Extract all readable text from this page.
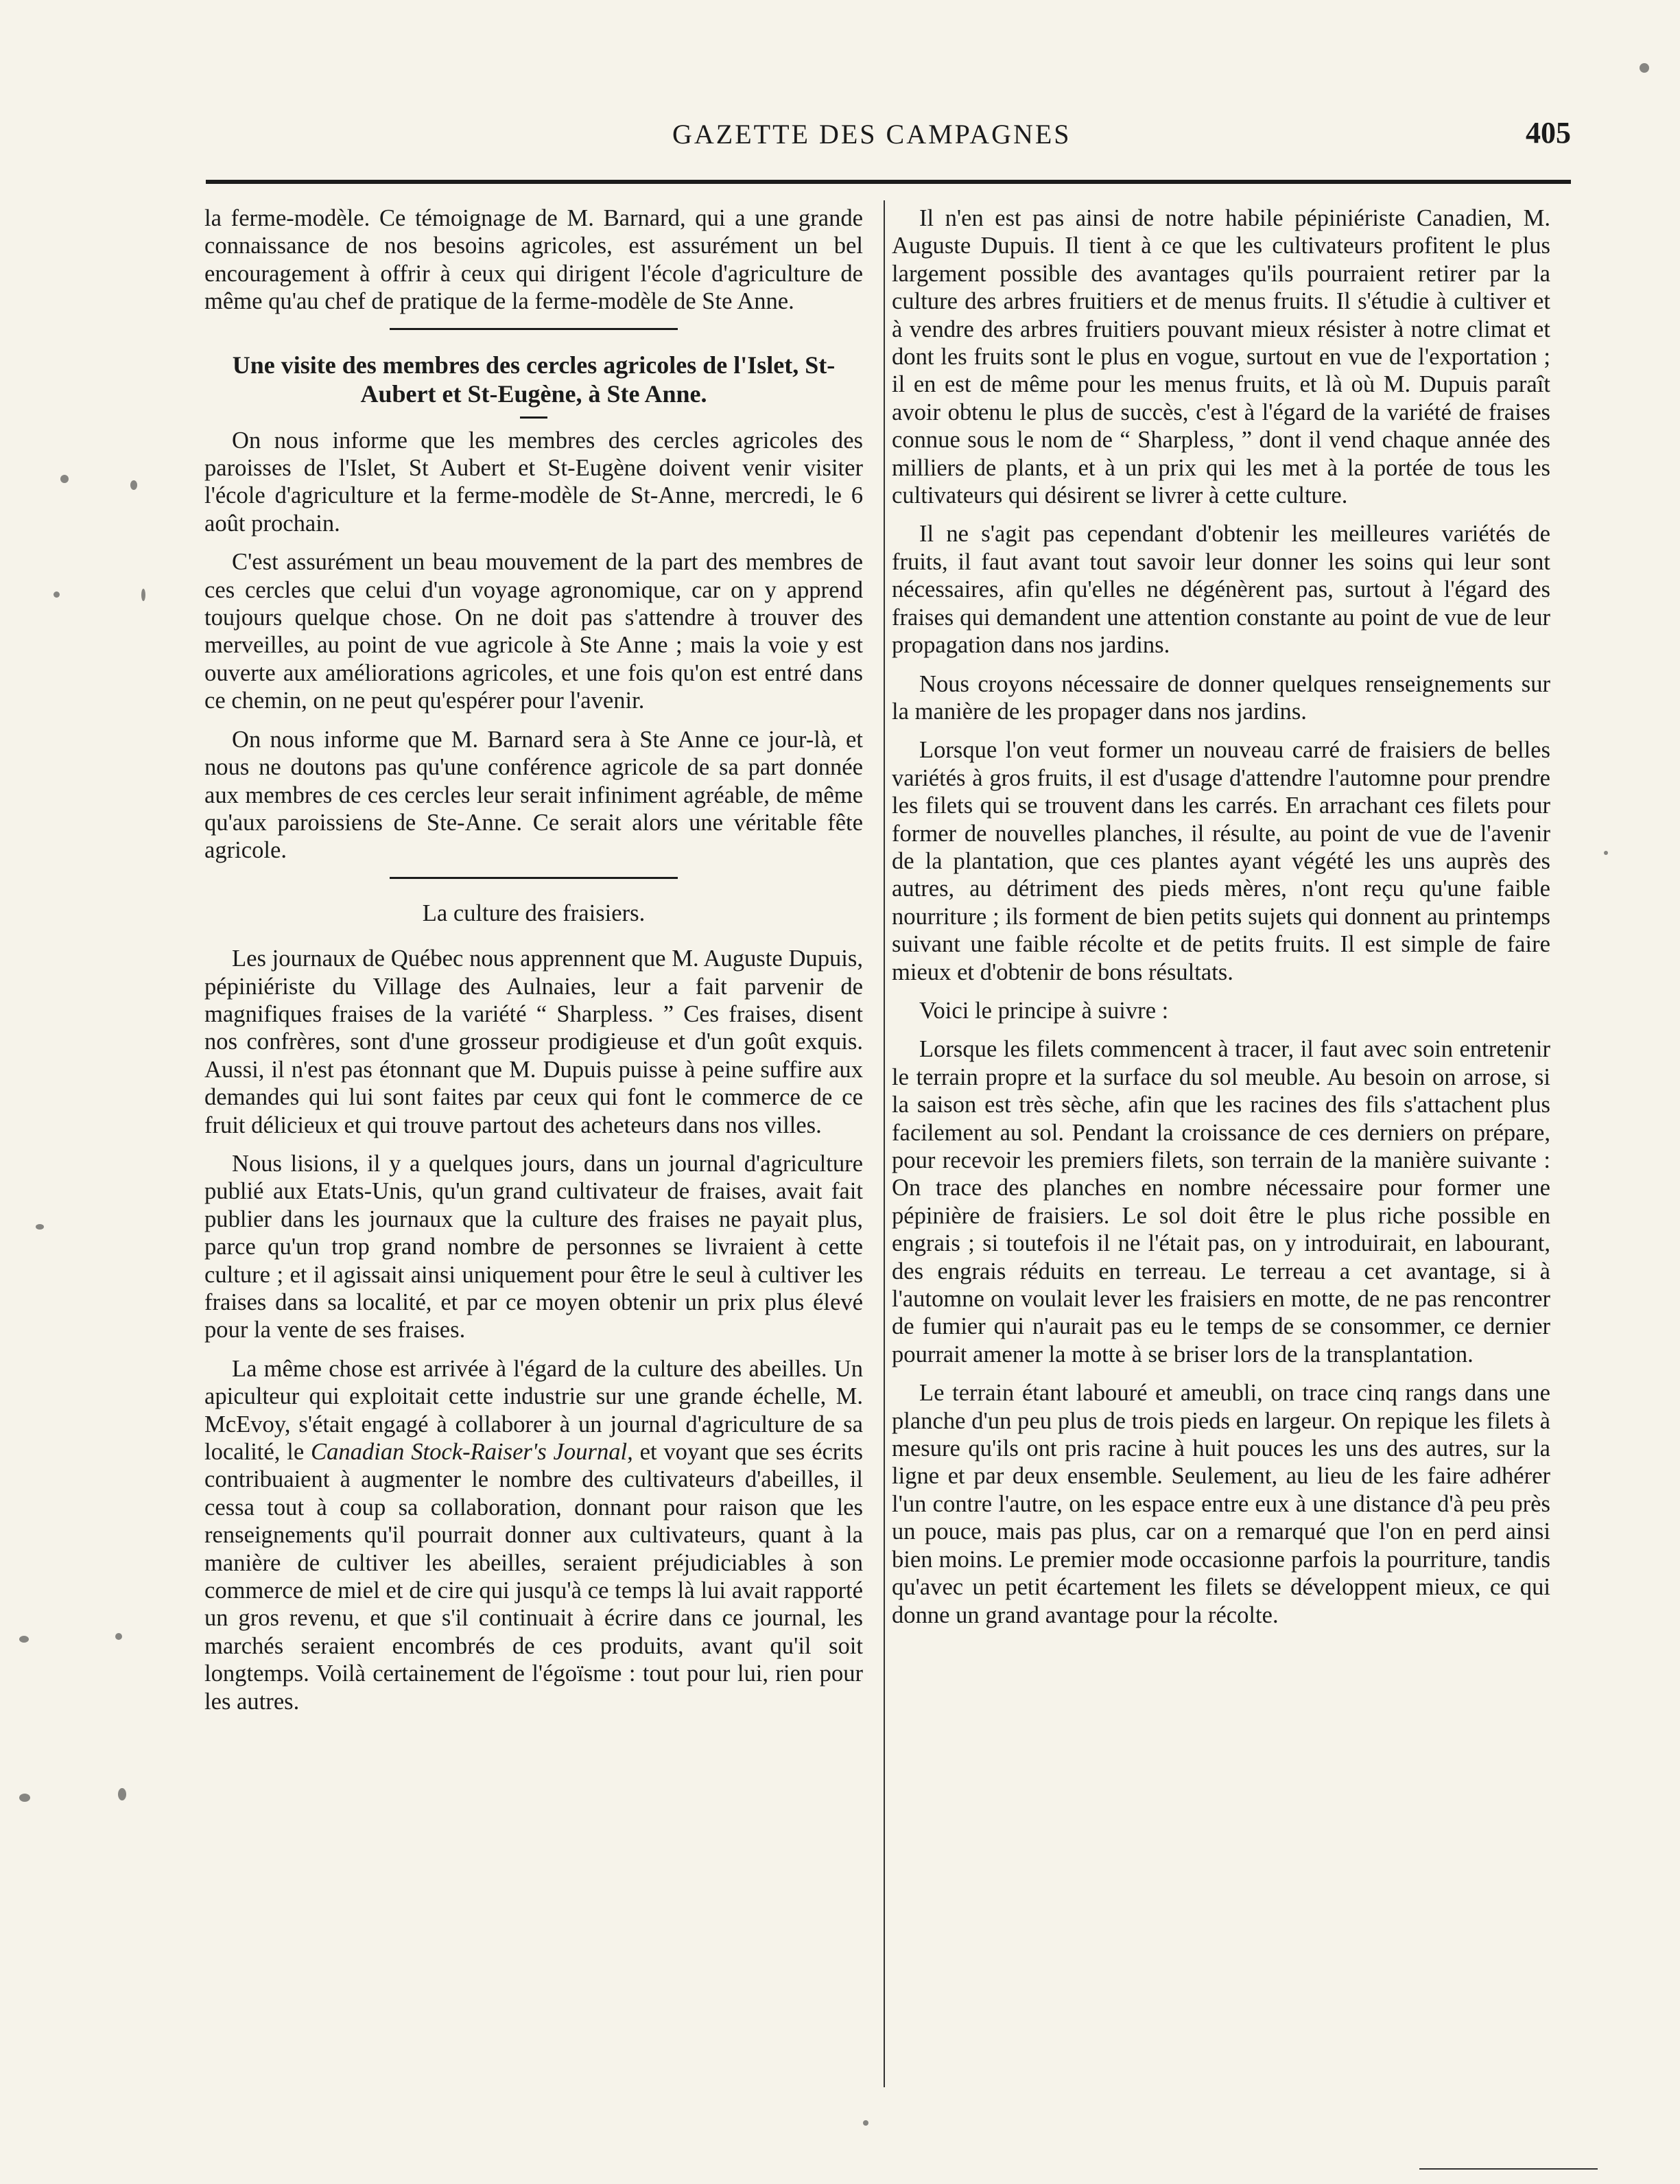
GAZETTE DES CAMPAGNES	405

la ferme-modèle. Ce témoignage de M. Barnard, qui a une grande connaissance de nos besoins agricoles, est assurément un bel encouragement à offrir à ceux qui dirigent l'école d'agriculture de même qu'au chef de pratique de la ferme-modèle de Ste Anne.

Une visite des membres des cercles agricoles de l'Islet, St-Aubert et St-Eugène, à Ste Anne.

On nous informe que les membres des cercles agricoles des paroisses de l'Islet, St Aubert et St-Eugène doivent venir visiter l'école d'agriculture et la ferme-modèle de St-Anne, mercredi, le 6 août prochain.

C'est assurément un beau mouvement de la part des membres de ces cercles que celui d'un voyage agronomique, car on y apprend toujours quelque chose. On ne doit pas s'attendre à trouver des merveilles, au point de vue agricole à Ste Anne ; mais la voie y est ouverte aux améliorations agricoles, et une fois qu'on est entré dans ce chemin, on ne peut qu'espérer pour l'avenir.

On nous informe que M. Barnard sera à Ste Anne ce jour-là, et nous ne doutons pas qu'une conférence agricole de sa part donnée aux membres de ces cercles leur serait infiniment agréable, de même qu'aux paroissiens de Ste-Anne. Ce serait alors une véritable fête agricole.

La culture des fraisiers.

Les journaux de Québec nous apprennent que M. Auguste Dupuis, pépiniériste du Village des Aulnaies, leur a fait parvenir de magnifiques fraises de la variété “ Sharpless. ” Ces fraises, disent nos confrères, sont d'une grosseur prodigieuse et d'un goût exquis. Aussi, il n'est pas étonnant que M. Dupuis puisse à peine suffire aux demandes qui lui sont faites par ceux qui font le commerce de ce fruit délicieux et qui trouve partout des acheteurs dans nos villes.

Nous lisions, il y a quelques jours, dans un journal d'agriculture publié aux Etats-Unis, qu'un grand cultivateur de fraises, avait fait publier dans les journaux que la culture des fraises ne payait plus, parce qu'un trop grand nombre de personnes se livraient à cette culture ; et il agissait ainsi uniquement pour être le seul à cultiver les fraises dans sa localité, et par ce moyen obtenir un prix plus élevé pour la vente de ses fraises.

La même chose est arrivée à l'égard de la culture des abeilles. Un apiculteur qui exploitait cette industrie sur une grande échelle, M. McEvoy, s'était engagé à collaborer à un journal d'agriculture de sa localité, le Canadian Stock-Raiser's Journal, et voyant que ses écrits contribuaient à augmenter le nombre des cultivateurs d'abeilles, il cessa tout à coup sa collaboration, donnant pour raison que les renseignements qu'il pourrait donner aux cultivateurs, quant à la manière de cultiver les abeilles, seraient préjudiciables à son commerce de miel et de cire qui jusqu'à ce temps là lui avait rapporté un gros revenu, et que s'il continuait à écrire dans ce journal, les marchés seraient encombrés de ces produits, avant qu'il soit longtemps. Voilà certainement de l'égoïsme : tout pour lui, rien pour les autres.

Il n'en est pas ainsi de notre habile pépiniériste Canadien, M. Auguste Dupuis. Il tient à ce que les cultivateurs profitent le plus largement possible des avantages qu'ils pourraient retirer par la culture des arbres fruitiers et de menus fruits. Il s'étudie à cultiver et à vendre des arbres fruitiers pouvant mieux résister à notre climat et dont les fruits sont le plus en vogue, surtout en vue de l'exportation ; il en est de même pour les menus fruits, et là où M. Dupuis paraît avoir obtenu le plus de succès, c'est à l'égard de la variété de fraises connue sous le nom de “ Sharpless, ” dont il vend chaque année des milliers de plants, et à un prix qui les met à la portée de tous les cultivateurs qui désirent se livrer à cette culture.

Il ne s'agit pas cependant d'obtenir les meilleures variétés de fruits, il faut avant tout savoir leur donner les soins qui leur sont nécessaires, afin qu'elles ne dégénèrent pas, surtout à l'égard des fraises qui demandent une attention constante au point de vue de leur propagation dans nos jardins.

Nous croyons nécessaire de donner quelques renseignements sur la manière de les propager dans nos jardins.

Lorsque l'on veut former un nouveau carré de fraisiers de belles variétés à gros fruits, il est d'usage d'attendre l'automne pour prendre les filets qui se trouvent dans les carrés. En arrachant ces filets pour former de nouvelles planches, il résulte, au point de vue de l'avenir de la plantation, que ces plantes ayant végété les uns auprès des autres, au détriment des pieds mères, n'ont reçu qu'une faible nourriture ; ils forment de bien petits sujets qui donnent au printemps suivant une faible récolte et de petits fruits. Il est simple de faire mieux et d'obtenir de bons résultats.

Voici le principe à suivre :

Lorsque les filets commencent à tracer, il faut avec soin entretenir le terrain propre et la surface du sol meuble. Au besoin on arrose, si la saison est très sèche, afin que les racines des fils s'attachent plus facilement au sol. Pendant la croissance de ces derniers on prépare, pour recevoir les premiers filets, son terrain de la manière suivante : On trace des planches en nombre nécessaire pour former une pépinière de fraisiers. Le sol doit être le plus riche possible en engrais ; si toutefois il ne l'était pas, on y introduirait, en labourant, des engrais réduits en terreau. Le terreau a cet avantage, si à l'automne on voulait lever les fraisiers en motte, de ne pas rencontrer de fumier qui n'aurait pas eu le temps de se consommer, ce dernier pourrait amener la motte à se briser lors de la transplantation.

Le terrain étant labouré et ameubli, on trace cinq rangs dans une planche d'un peu plus de trois pieds en largeur. On repique les filets à mesure qu'ils ont pris racine à huit pouces les uns des autres, sur la ligne et par deux ensemble. Seulement, au lieu de les faire adhérer l'un contre l'autre, on les espace entre eux à une distance d'à peu près un pouce, mais pas plus, car on a remarqué que l'on en perd ainsi bien moins. Le premier mode occasionne parfois la pourriture, tandis qu'avec un petit écartement les filets se développent mieux, ce qui donne un grand avantage pour la récolte.
